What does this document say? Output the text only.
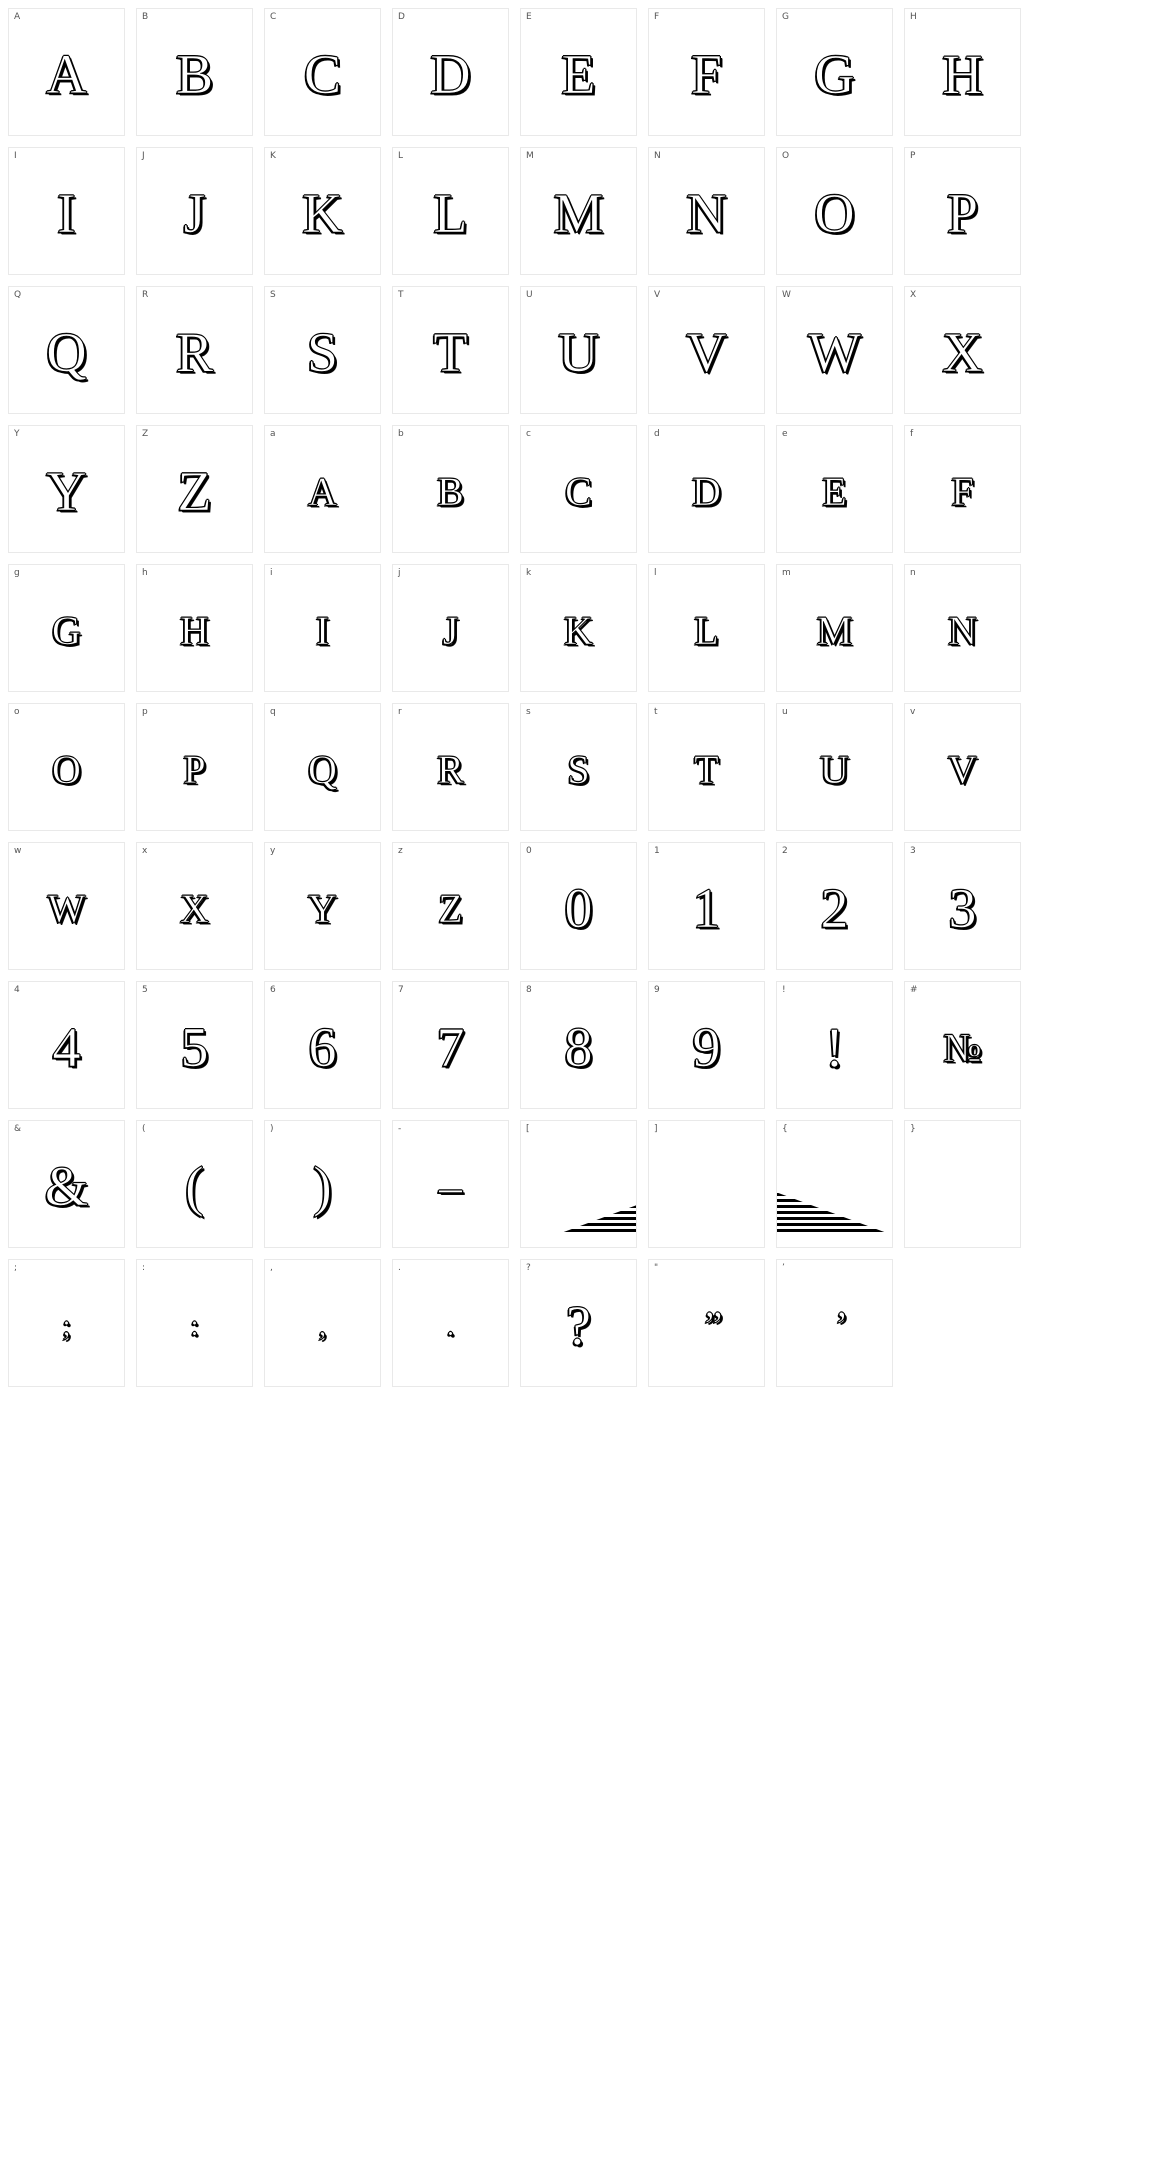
A
A
B
B
C
C
D
D
E
E
F
F
G
G
H
H
I
I
J
J
K
K
L
L
M
M
N
N
O
O
P
P
Q
Q
R
R
S
S
T
T
U
U
V
V
W
W
X
X
Y
Y
Z
Z
a
A
b
B
c
C
d
D
e
E
f
F
g
G
h
H
i
I
j
J
k
K
l
L
m
M
n
N
o
O
p
P
q
Q
r
R
s
S
t
T
u
U
v
V
w
W
x
X
y
Y
z
Z
0
0
1
1
2
2
3
3
4
4
5
5
6
6
7
7
8
8
9
9
!
!
#
№
&
&
(
(
)
)
-
–
[	]	{	}
;
;
:
:
,
,
.
.
?
?
"
”
’
’
